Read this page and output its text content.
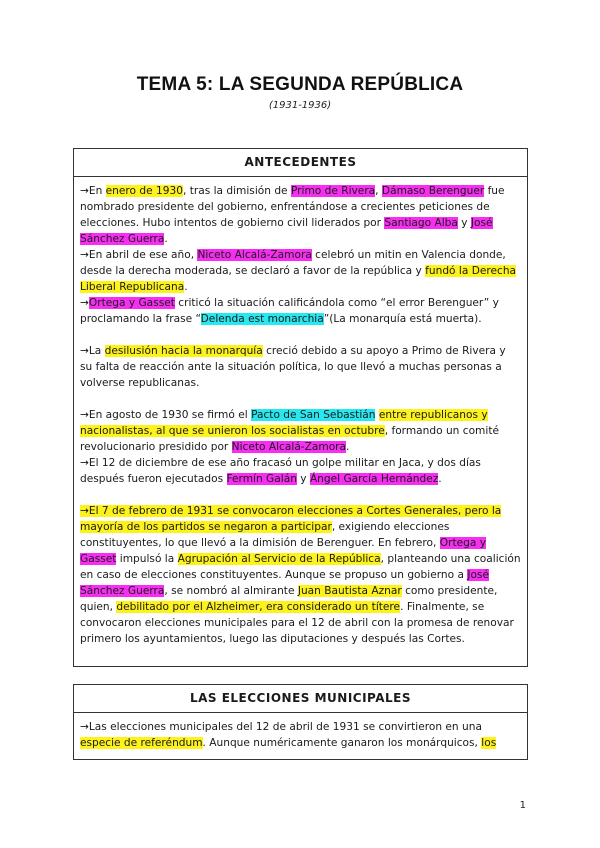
TEMA 5: LA SEGUNDA REPÚBLICA
(1931-1936)
ANTECEDENTES

→En enero de 1930, tras la dimisión de Primo de Rivera, Dámaso Berenguer fue nombrado presidente del gobierno, enfrentándose a crecientes peticiones de elecciones. Hubo intentos de gobierno civil liderados por Santiago Alba y José Sánchez Guerra.

→En abril de ese año, Niceto Alcalá-Zamora celebró un mitin en Valencia donde, desde la derecha moderada, se declaró a favor de la república y fundó la Derecha Liberal Republicana.

→Ortega y Gasset criticó la situación calificándola como “el error Berenguer” y proclamando la frase “Delenda est monarchia”(La monarquía está muerta).

→La desilusión hacia la monarquía creció debido a su apoyo a Primo de Rivera y su falta de reacción ante la situación política, lo que llevó a muchas personas a volverse republicanas.

→En agosto de 1930 se firmó el Pacto de San Sebastián entre republicanos y nacionalistas, al que se unieron los socialistas en octubre, formando un comité revolucionario presidido por Niceto Alcalá-Zamora.

→El 12 de diciembre de ese año fracasó un golpe militar en Jaca, y dos días después fueron ejecutados Fermín Galán y Ángel García Hernández.

→El 7 de febrero de 1931 se convocaron elecciones a Cortes Generales, pero la mayoría de los partidos se negaron a participar, exigiendo elecciones constituyentes, lo que llevó a la dimisión de Berenguer. En febrero, Ortega y Gasset impulsó la Agrupación al Servicio de la República, planteando una coalición en caso de elecciones constituyentes. Aunque se propuso un gobierno a José Sánchez Guerra, se nombró al almirante Juan Bautista Aznar como presidente, quien, debilitado por el Alzheimer, era considerado un títere. Finalmente, se convocaron elecciones municipales para el 12 de abril con la promesa de renovar primero los ayuntamientos, luego las diputaciones y después las Cortes.

LAS ELECCIONES MUNICIPALES

→Las elecciones municipales del 12 de abril de 1931 se convirtieron en una especie de referéndum. Aunque numéricamente ganaron los monárquicos, los

1
